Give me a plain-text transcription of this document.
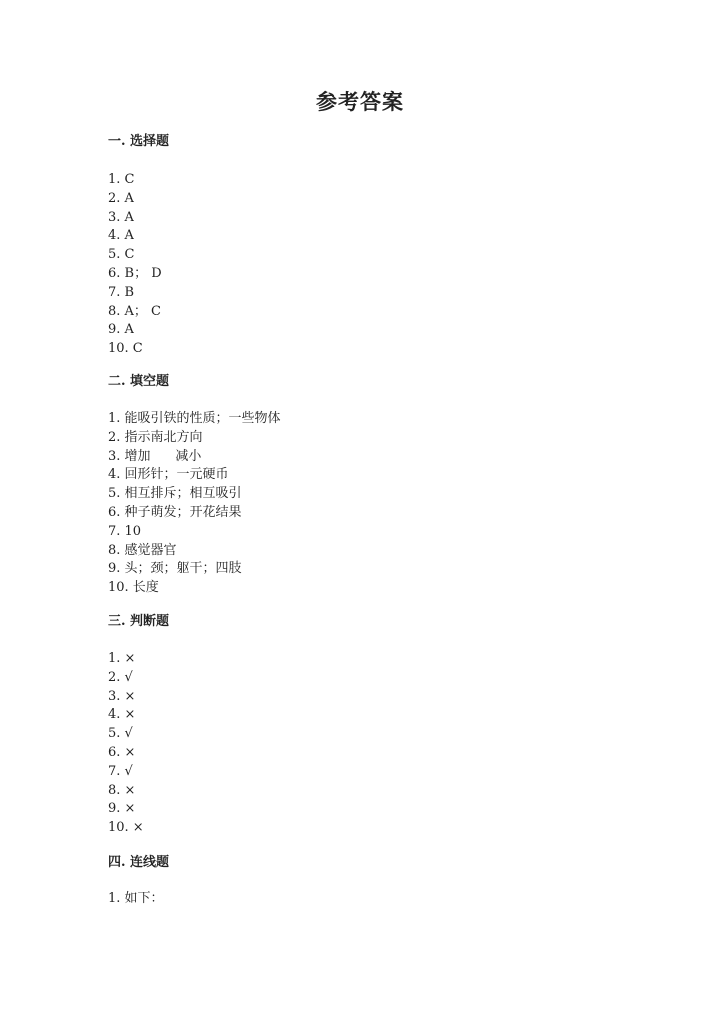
参考答案
一. 选择题
1. C
2. A
3. A
4. A
5. C
6. B； D
7. B
8. A； C
9. A
10. C
二. 填空题
1. 能吸引铁的性质；一些物体
2. 指示南北方向
3. 增加      减小
4. 回形针；一元硬币
5. 相互排斥；相互吸引
6. 种子萌发；开花结果
7. 10
8. 感觉器官
9. 头；颈；躯干；四肢
10. 长度
三. 判断题
1. ×
2. √
3. ×
4. ×
5. √
6. ×
7. √
8. ×
9. ×
10. ×
四. 连线题
1. 如下：
